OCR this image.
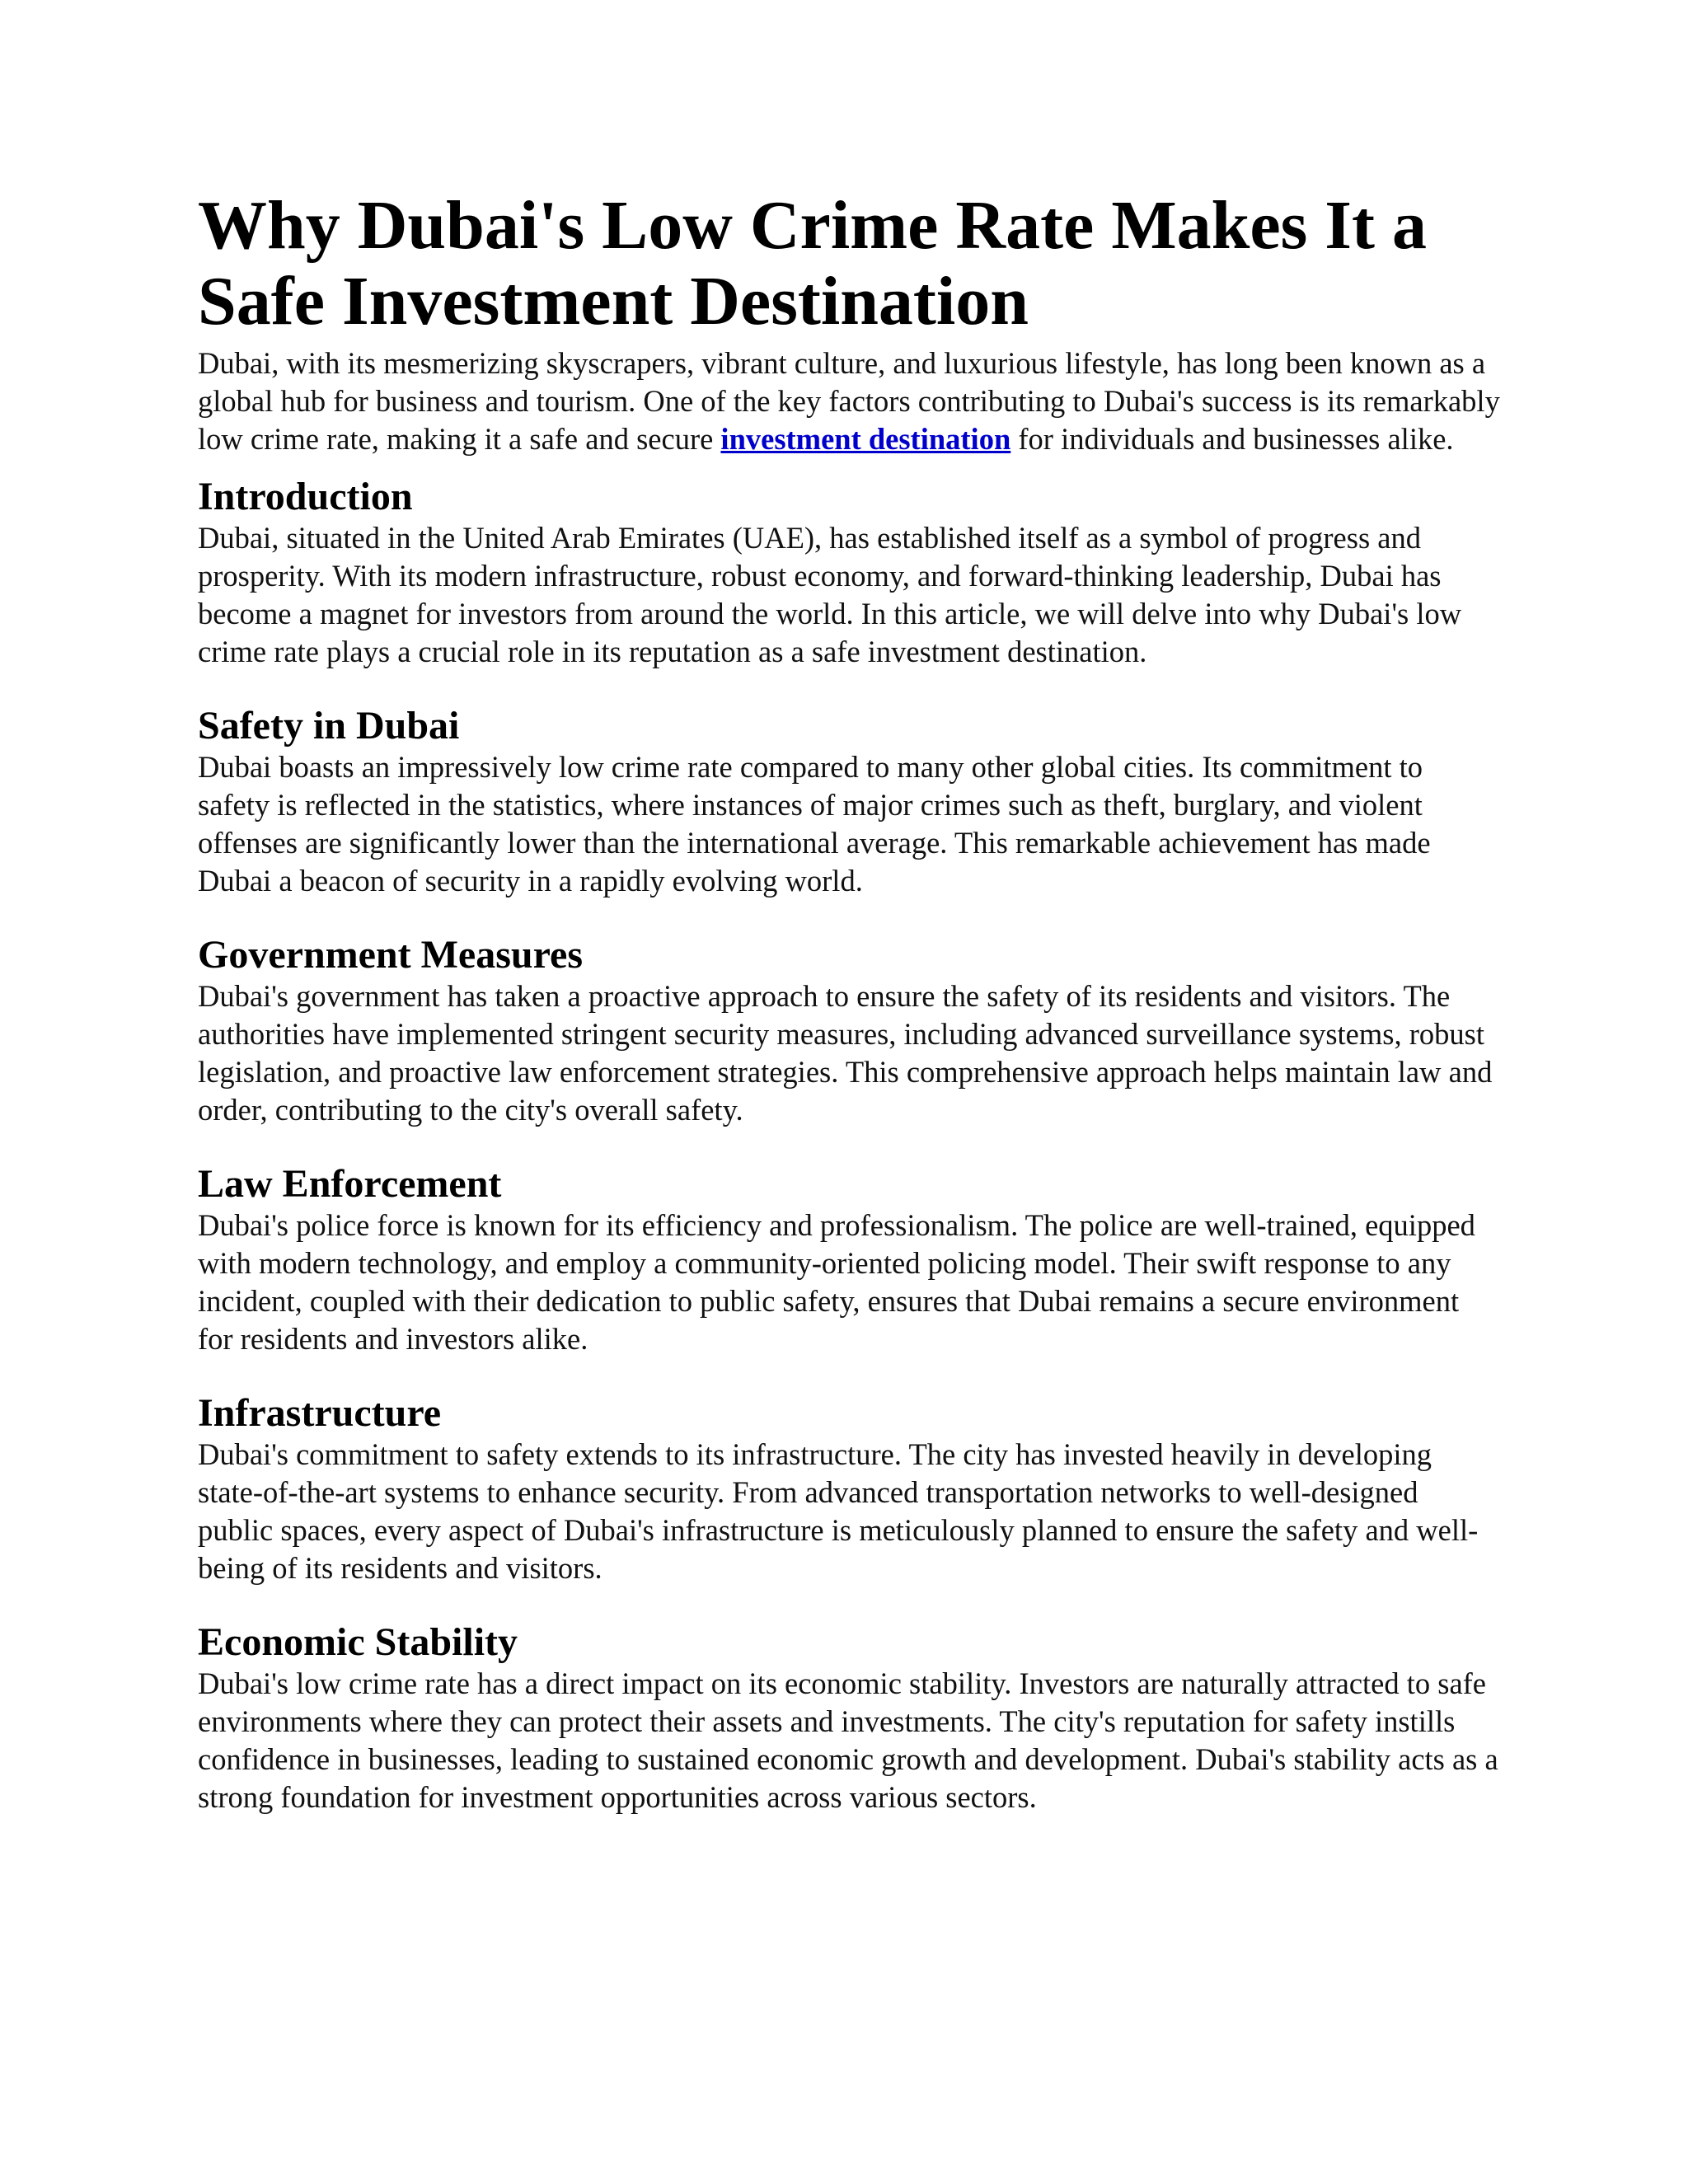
Why Dubai's Low Crime Rate Makes It a Safe Investment Destination

Dubai, with its mesmerizing skyscrapers, vibrant culture, and luxurious lifestyle, has long been known as a global hub for business and tourism. One of the key factors contributing to Dubai's success is its remarkably low crime rate, making it a safe and secure investment destination for individuals and businesses alike.

Introduction

Dubai, situated in the United Arab Emirates (UAE), has established itself as a symbol of progress and prosperity. With its modern infrastructure, robust economy, and forward-thinking leadership, Dubai has become a magnet for investors from around the world. In this article, we will delve into why Dubai's low crime rate plays a crucial role in its reputation as a safe investment destination.

Safety in Dubai

Dubai boasts an impressively low crime rate compared to many other global cities. Its commitment to safety is reflected in the statistics, where instances of major crimes such as theft, burglary, and violent offenses are significantly lower than the international average. This remarkable achievement has made Dubai a beacon of security in a rapidly evolving world.

Government Measures

Dubai's government has taken a proactive approach to ensure the safety of its residents and visitors. The authorities have implemented stringent security measures, including advanced surveillance systems, robust legislation, and proactive law enforcement strategies. This comprehensive approach helps maintain law and order, contributing to the city's overall safety.

Law Enforcement

Dubai's police force is known for its efficiency and professionalism. The police are well-trained, equipped with modern technology, and employ a community-oriented policing model. Their swift response to any incident, coupled with their dedication to public safety, ensures that Dubai remains a secure environment for residents and investors alike.

Infrastructure

Dubai's commitment to safety extends to its infrastructure. The city has invested heavily in developing state-of-the-art systems to enhance security. From advanced transportation networks to well-designed public spaces, every aspect of Dubai's infrastructure is meticulously planned to ensure the safety and well-being of its residents and visitors.

Economic Stability

Dubai's low crime rate has a direct impact on its economic stability. Investors are naturally attracted to safe environments where they can protect their assets and investments. The city's reputation for safety instills confidence in businesses, leading to sustained economic growth and development. Dubai's stability acts as a strong foundation for investment opportunities across various sectors.
